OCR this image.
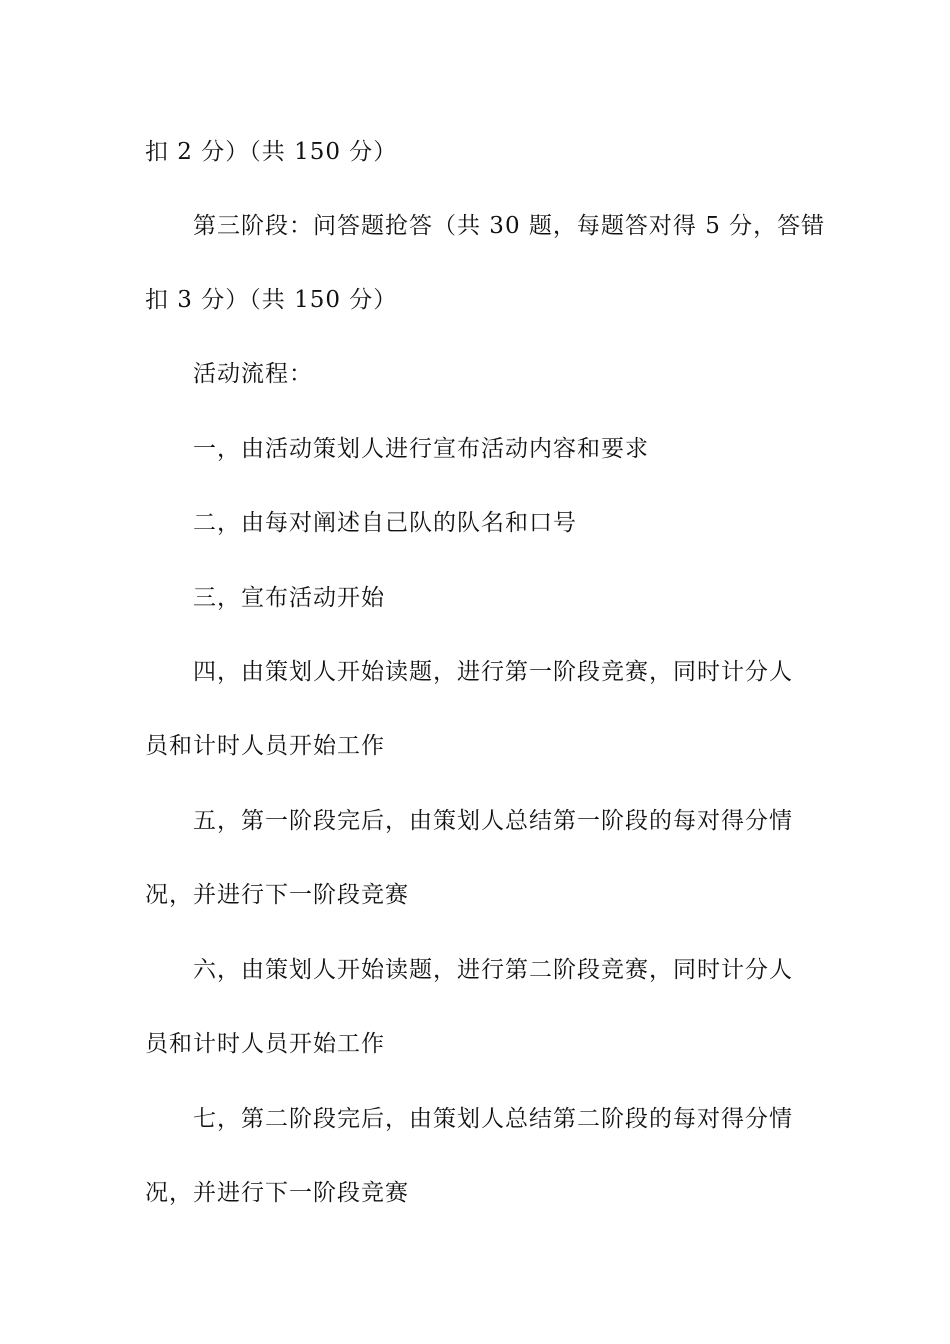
扣 2 分）（共 150 分）
第三阶段：问答题抢答（共 30 题，每题答对得 5 分，答错
扣 3 分）（共 150 分）
活动流程：
一，由活动策划人进行宣布活动内容和要求
二，由每对阐述自己队的队名和口号
三，宣布活动开始
四，由策划人开始读题，进行第一阶段竞赛，同时计分人
员和计时人员开始工作
五，第一阶段完后，由策划人总结第一阶段的每对得分情
况，并进行下一阶段竞赛
六，由策划人开始读题，进行第二阶段竞赛，同时计分人
员和计时人员开始工作
七，第二阶段完后，由策划人总结第二阶段的每对得分情
况，并进行下一阶段竞赛
